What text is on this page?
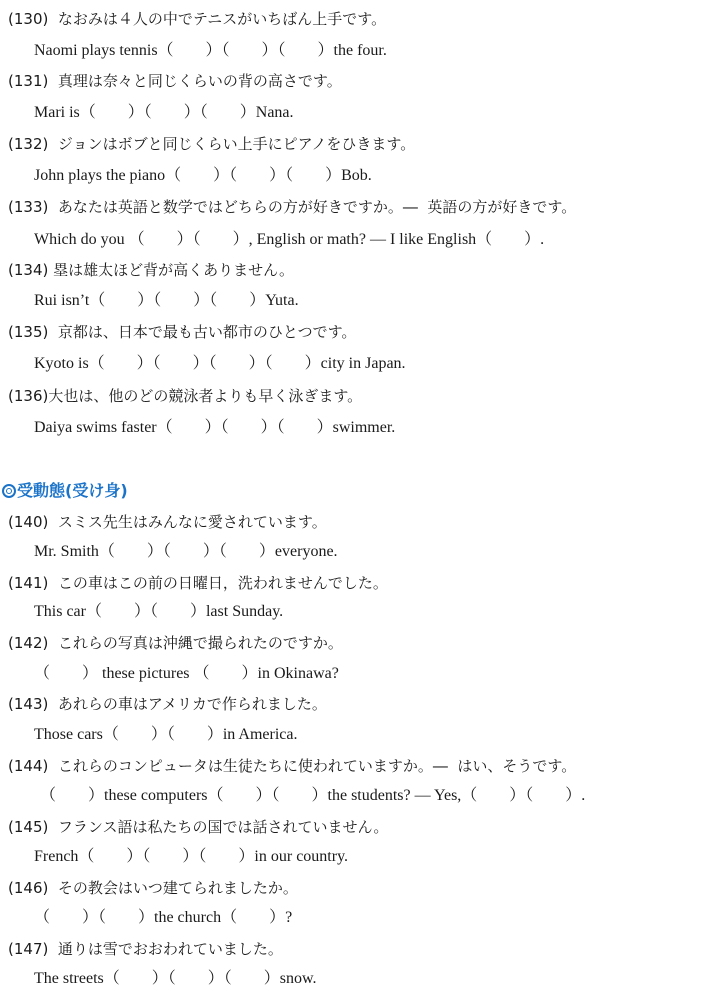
(130) なおみは４人の中でテニスがいちばん上手です。
Naomi plays tennis（　　）（　　）（　　）the four.
(131) 真理は奈々と同じくらいの背の高さです。
Mari is（　　）（　　）（　　）Nana.
(132) ジョンはボブと同じくらい上手にピアノをひきます。
John plays the piano（　　）（　　）（　　）Bob.
(133) あなたは英語と数学ではどちらの方が好きですか。―  英語の方が好きです。
Which do you （　　）（　　）, English or math? ― I like English（　　）.
(134) 塁は雄太ほど背が高くありません。
Rui isn’t（　　）（　　）（　　）Yuta.
(135) 京都は、日本で最も古い都市のひとつです。
Kyoto is（　　）（　　）（　　）（　　）city in Japan.
(136)大也は、他のどの競泳者よりも早く泳ぎます。
Daiya swims faster（　　）（　　）（　　）swimmer.
受動態(受け身)
(140) スミス先生はみんなに愛されています。
Mr. Smith（　　）（　　）（　　）everyone.
(141) この車はこの前の日曜日，洗われませんでした。
This car（　　）（　　）last Sunday.
(142) これらの写真は沖縄で撮られたのですか。
（　　） these pictures （　　）in Okinawa?
(143) あれらの車はアメリカで作られました。
Those cars（　　）（　　）in America.
(144) これらのコンピュータは生徒たちに使われていますか。―  はい、そうです。
（　　）these computers（　　）（　　）the students? ― Yes,（　　）（　　）.
(145) フランス語は私たちの国では話されていません。
French（　　）（　　）（　　）in our country.
(146) その教会はいつ建てられましたか。
（　　）（　　）the church（　　）?
(147) 通りは雪でおおわれていました。
The streets（　　）（　　）（　　）snow.
